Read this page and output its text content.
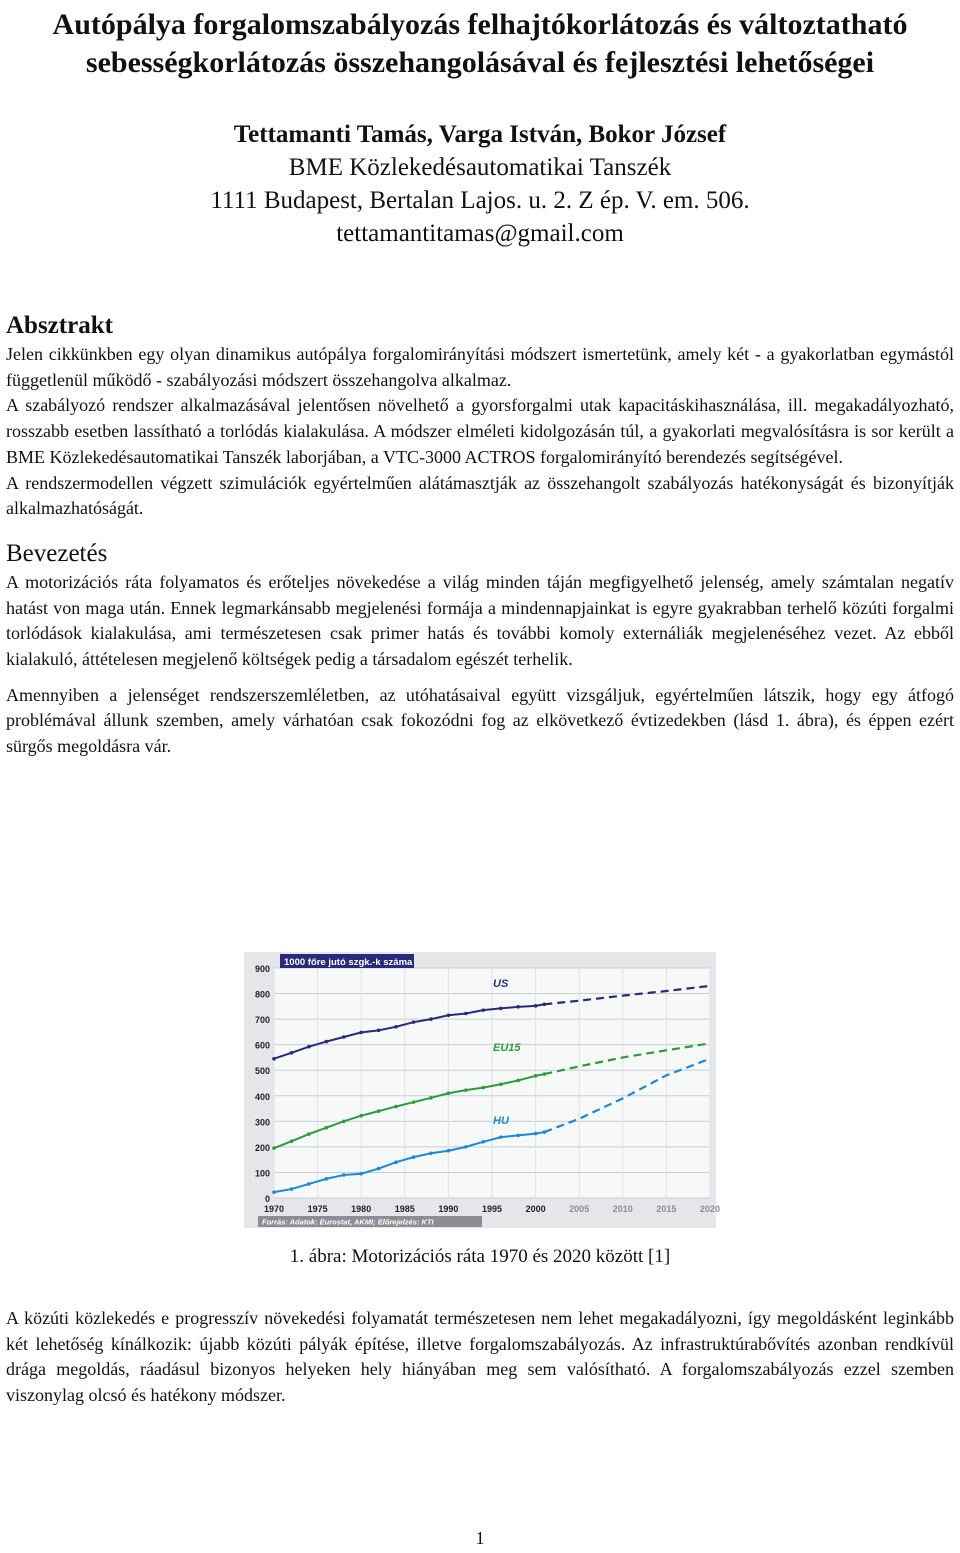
Autópálya forgalomszabályozás felhajtókorlátozás és változtatható sebességkorlátozás összehangolásával és fejlesztési lehetőségei
Tettamanti Tamás, Varga István, Bokor József
BME Közlekedésautomatikai Tanszék
1111 Budapest, Bertalan Lajos. u. 2. Z ép. V. em. 506.
tettamantitamas@gmail.com
Absztrakt

Jelen cikkünkben egy olyan dinamikus autópálya forgalomirányítási módszert ismertetünk, amely két - a gyakorlatban egymástól függetlenül működő - szabályozási módszert összehangolva alkalmaz.

A szabályozó rendszer alkalmazásával jelentősen növelhető a gyorsforgalmi utak kapacitáskihasználása, ill. megakadályozható, rosszabb esetben lassítható a torlódás kialakulása. A módszer elméleti kidolgozásán túl, a gyakorlati megvalósításra is sor került a BME Közlekedésautomatikai Tanszék laborjában, a VTC-3000 ACTROS forgalomirányító berendezés segítségével.

A rendszermodellen végzett szimulációk egyértelműen alátámasztják az összehangolt szabályozás hatékonyságát és bizonyítják alkalmazhatóságát.

Bevezetés

A motorizációs ráta folyamatos és erőteljes növekedése a világ minden táján megfigyelhető jelenség, amely számtalan negatív hatást von maga után. Ennek legmarkánsabb megjelenési formája a mindennapjainkat is egyre gyakrabban terhelő közúti forgalmi torlódások kialakulása, ami természetesen csak primer hatás és további komoly externáliák megjelenéséhez vezet. Az ebből kialakuló, áttételesen megjelenő költségek pedig a társadalom egészét terhelik.

Amennyiben a jelenséget rendszerszemléletben, az utóhatásaival együtt vizsgáljuk, egyértelműen látszik, hogy egy átfogó problémával állunk szemben, amely várhatóan csak fokozódni fog az elkövetkező évtizedekben (lásd 1. ábra), és éppen ezért sürgős megoldásra vár.

0
100
200
300
400
500
600
700
800
900
1970	1975	1980	1985	1990	1995	2000	2005	2010	2015	2020
1000 főre jutó szgk.-k száma
US
EU15
HU
Forrás: Adatok: Eurostat, AKMI; Előrejelzés: KTI
1. ábra: Motorizációs ráta 1970 és 2020 között [1]

A közúti közlekedés e progresszív növekedési folyamatát természetesen nem lehet megakadályozni, így megoldásként leginkább két lehetőség kínálkozik: újabb közúti pályák építése, illetve forgalomszabályozás. Az infrastruktúrabővítés azonban rendkívül drága megoldás, ráadásul bizonyos helyeken hely hiányában meg sem valósítható. A forgalomszabályozás ezzel szemben viszonylag olcsó és hatékony módszer.

1
